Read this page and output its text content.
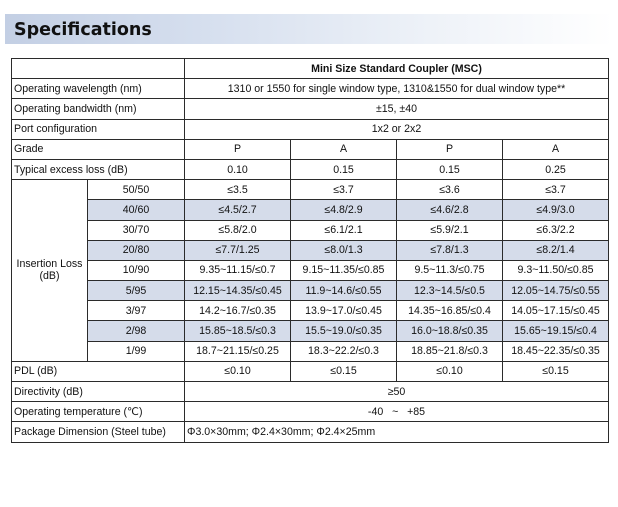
Specifications
		Mini Size Standard Coupler (MSC)			
Operating wavelength (nm)		1310 or 1550 for single window type, 1310&1550 for dual window type**			
Operating bandwidth (nm)		±15, ±40			
Port configuration		1x2 or 2x2			
Grade		P	A	P	A
Typical excess loss (dB)		0.10	0.15	0.15	0.25
Insertion Loss
(dB)	50/50	≤3.5	≤3.7	≤3.6	≤3.7
	40/60	≤4.5/2.7	≤4.8/2.9	≤4.6/2.8	≤4.9/3.0
	30/70	≤5.8/2.0	≤6.1/2.1	≤5.9/2.1	≤6.3/2.2
	20/80	≤7.7/1.25	≤8.0/1.3	≤7.8/1.3	≤8.2/1.4
	10/90	9.35~11.15/≤0.7	9.15~11.35/≤0.85	9.5~11.3/≤0.75	9.3~11.50/≤0.85
	5/95	12.15~14.35/≤0.45	11.9~14.6/≤0.55	12.3~14.5/≤0.5	12.05~14.75/≤0.55
	3/97	14.2~16.7/≤0.35	13.9~17.0/≤0.45	14.35~16.85/≤0.4	14.05~17.15/≤0.45
	2/98	15.85~18.5/≤0.3	15.5~19.0/≤0.35	16.0~18.8/≤0.35	15.65~19.15/≤0.4
	1/99	18.7~21.15/≤0.25	18.3~22.2/≤0.3	18.85~21.8/≤0.3	18.45~22.35/≤0.35
PDL (dB)		≤0.10	≤0.15	≤0.10	≤0.15
Directivity (dB)		≥50			
Operating temperature (℃)		-40   ~   +85			
Package Dimension (Steel tube)		Φ3.0×30mm; Φ2.4×30mm; Φ2.4×25mm			
